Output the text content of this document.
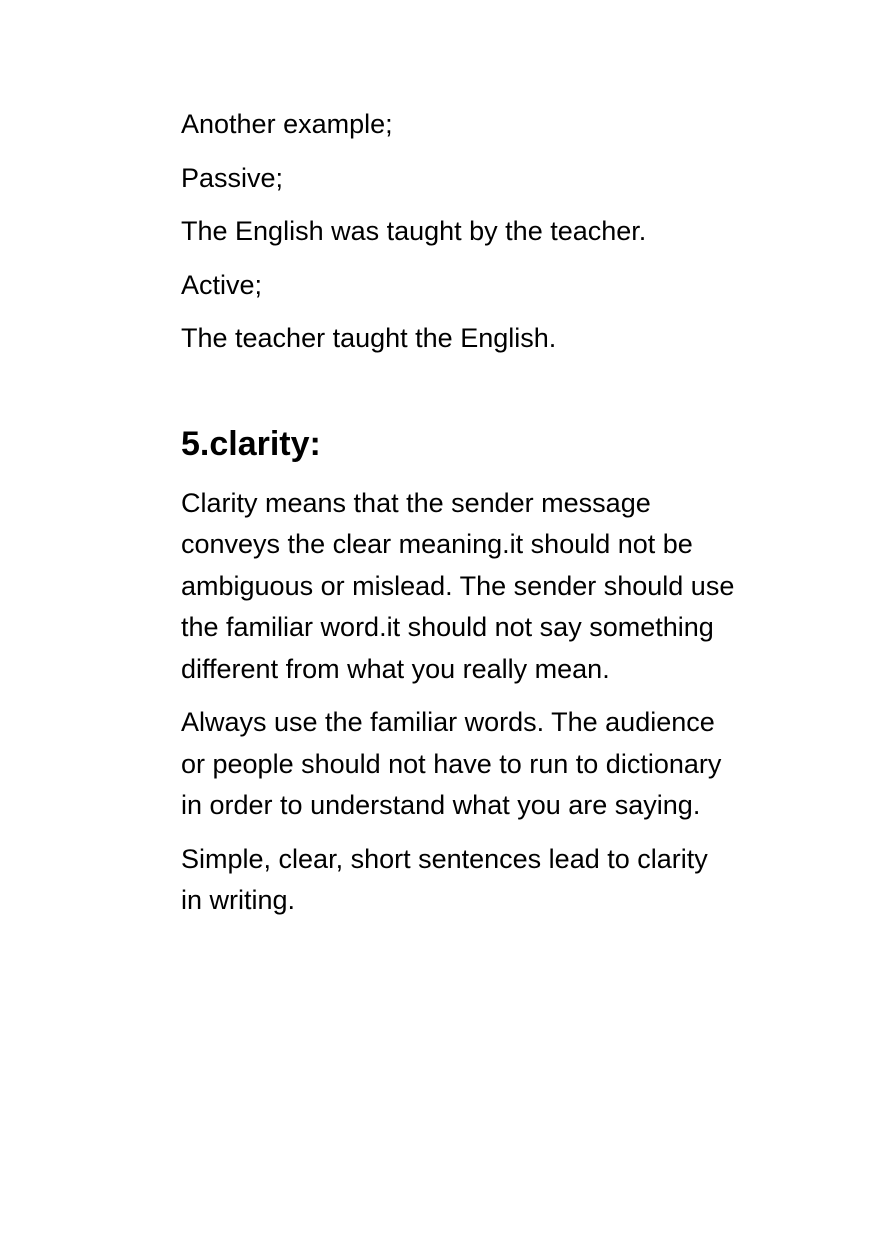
Another example;

Passive;

The English was taught by the teacher.

Active;

The teacher taught the English.

5.clarity:

Clarity means that the sender message
conveys the clear meaning.it should not be
ambiguous or mislead. The sender should use
the familiar word.it should not say something
different from what you really mean.

Always use the familiar words. The audience
or people should not have to run to dictionary
in order to understand what you are saying.

Simple, clear, short sentences lead to clarity
in writing.
